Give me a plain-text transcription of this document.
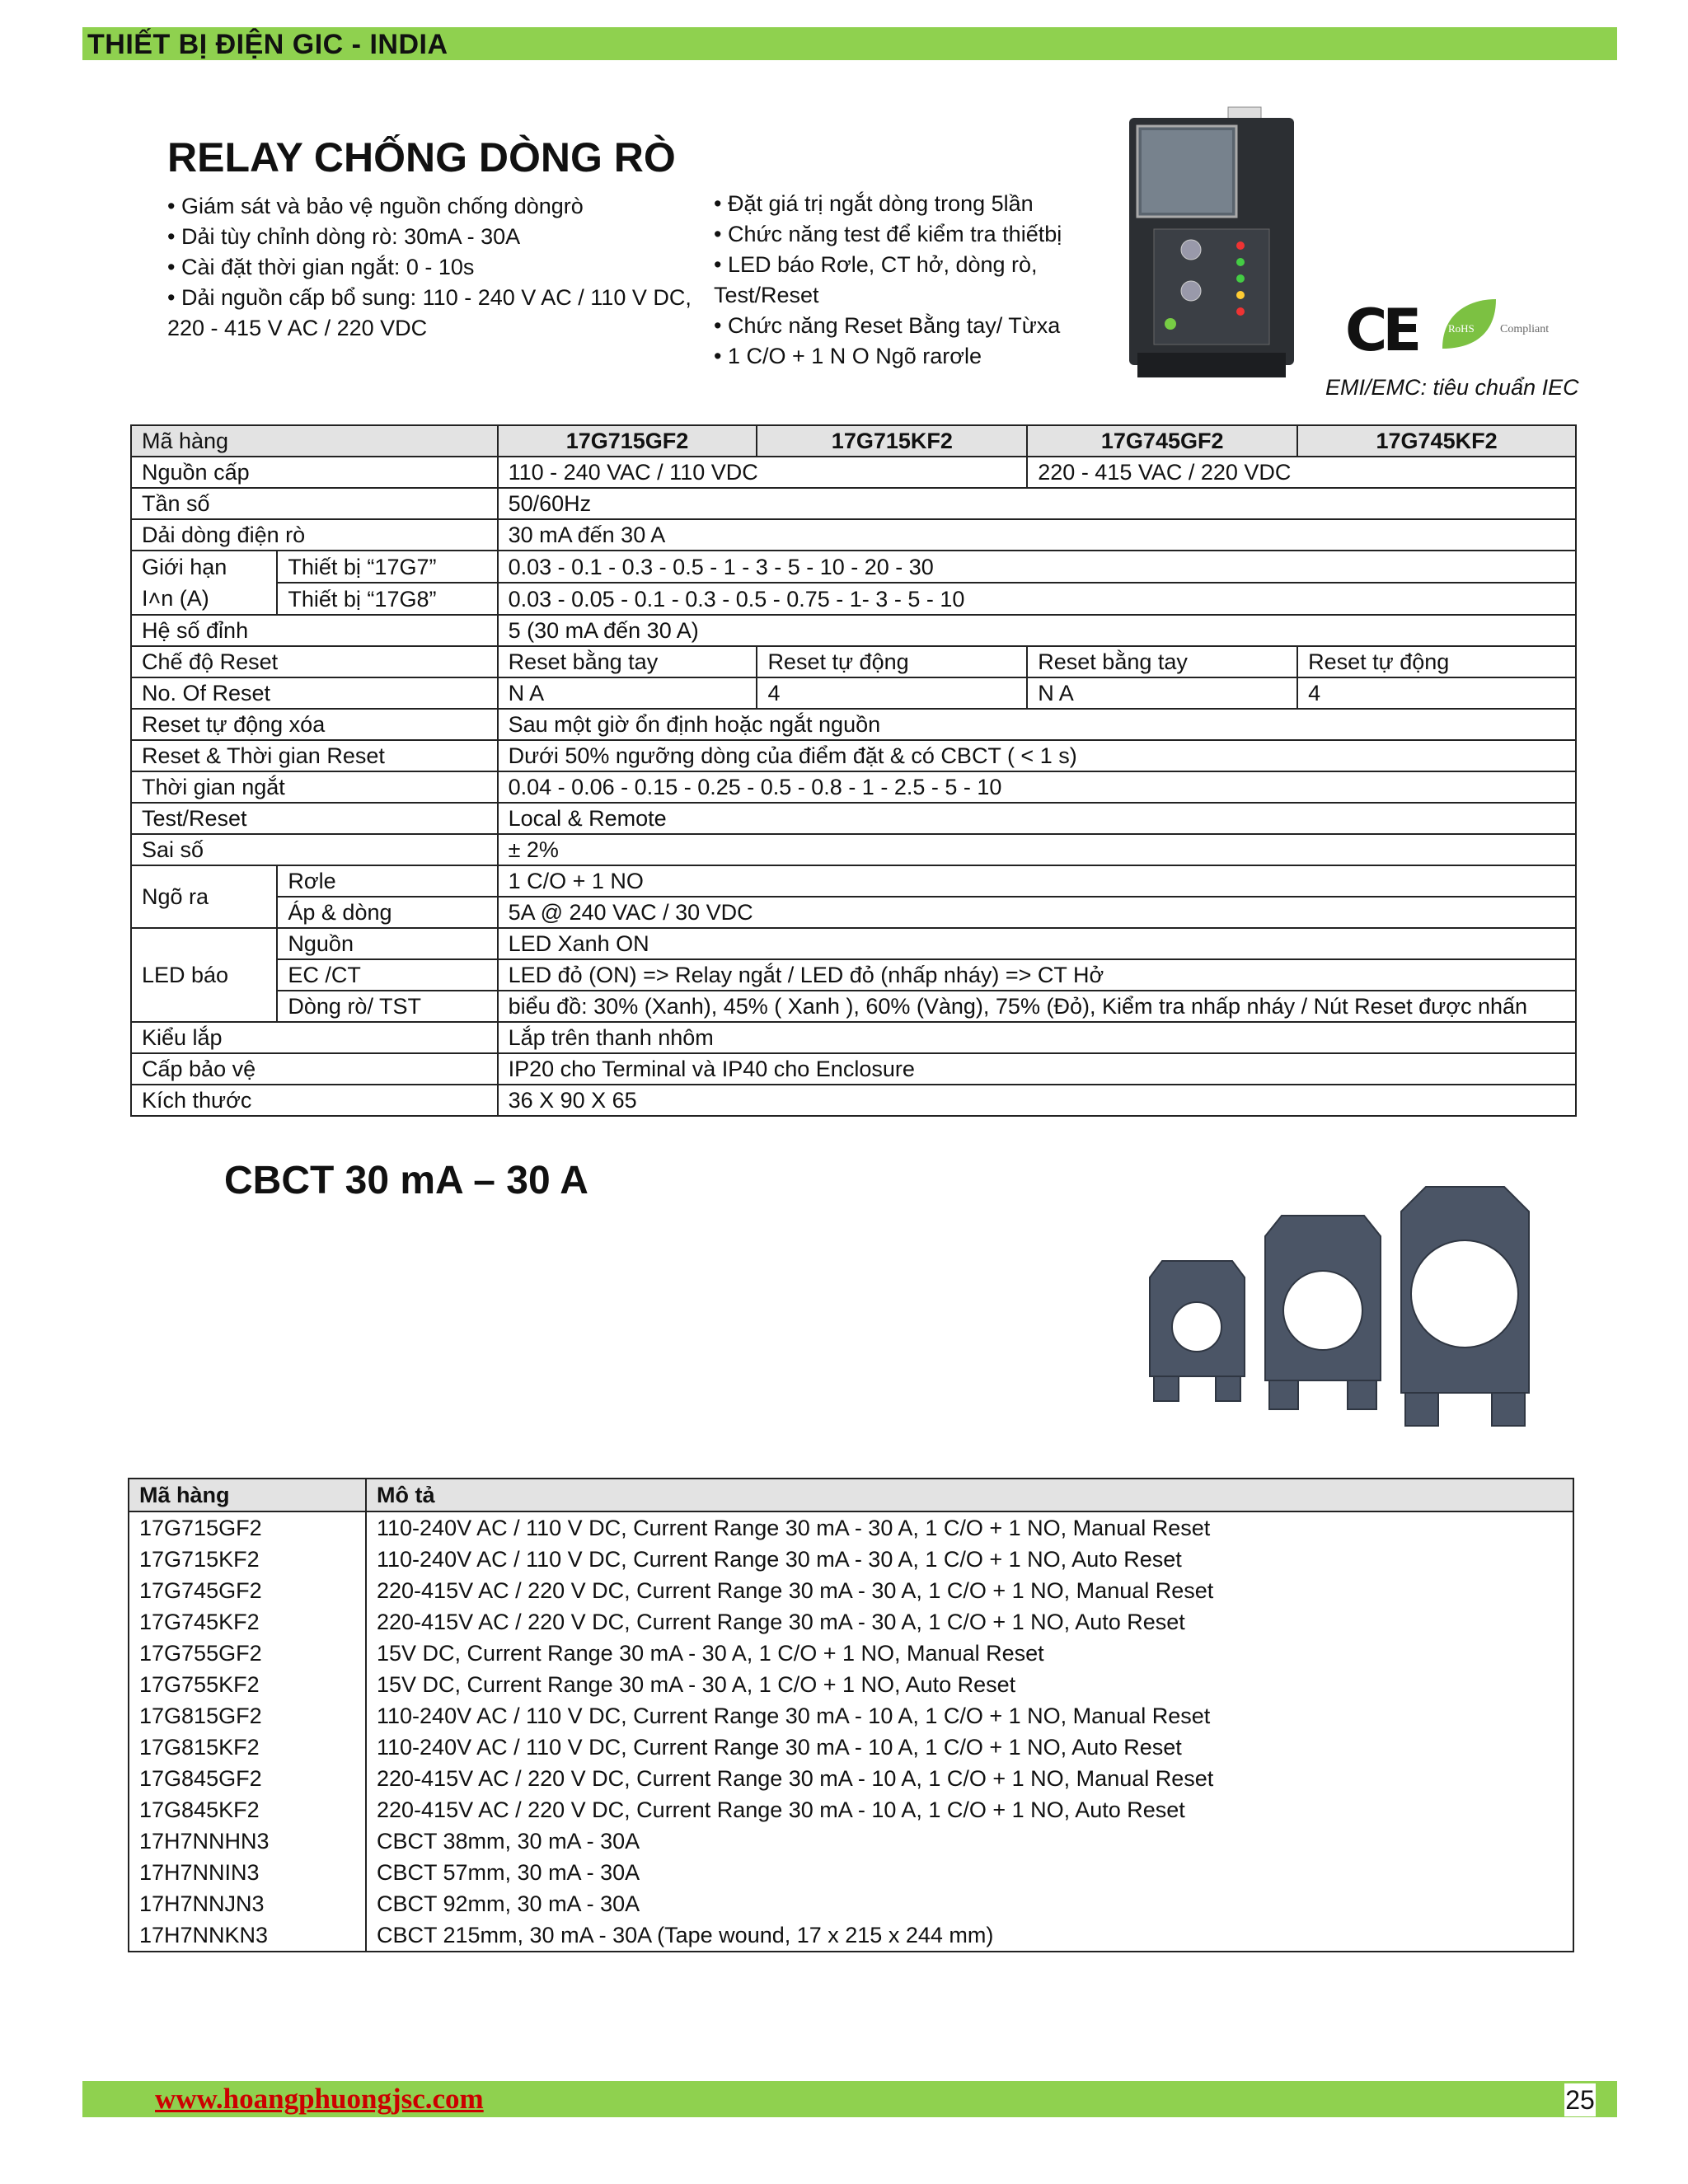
THIẾT BỊ ĐIỆN GIC - INDIA
RELAY CHỐNG DÒNG RÒ
• Giám sát và bảo vệ nguồn chống dòngrò
• Dải tùy chỉnh dòng rò: 30mA - 30A
• Cài đặt thời gian ngắt: 0 - 10s
• Dải nguồn cấp bổ sung: 110 - 240 V AC / 110 V DC, 220 - 415 V AC / 220 VDC
• Đặt giá trị ngắt dòng trong 5lần
• Chức năng test để kiểm tra thiếtbị
• LED báo Rơle, CT hở, dòng rò, Test/Reset
• Chức năng Reset Bằng tay/ Từxa
• 1 C/O + 1 N O Ngõ rarơle	CE	RoHS Compliant
EMI/EMC: tiêu chuẩn IEC
Mã hàng		17G715GF2	17G715KF2	17G745GF2	17G745KF2
Nguồn cấp		110 - 240 VAC / 110 VDC		220 - 415 VAC / 220 VDC	
Tần số		50/60Hz			
Dải dòng điện rò		30 mA đến 30 A			
Giới hạn
I˄n (A)	Thiết bị “17G7”	0.03 - 0.1 - 0.3 - 0.5 - 1 - 3 - 5 - 10 - 20 - 30			
	Thiết bị “17G8”	0.03 - 0.05 - 0.1 - 0.3 - 0.5 - 0.75 - 1- 3 - 5 - 10			
Hệ số đỉnh		5 (30 mA đến 30 A)			
Chế độ Reset		Reset bằng tay	Reset tự động	Reset bằng tay	Reset tự động
No. Of Reset		N A	4	N A	4
Reset tự động xóa		Sau một giờ ổn định hoặc ngắt nguồn			
Reset & Thời gian Reset		Dưới 50% ngưỡng dòng của điểm đặt & có CBCT ( < 1 s)			
Thời gian ngắt		0.04 - 0.06 - 0.15 - 0.25 - 0.5 - 0.8 - 1 - 2.5 - 5 - 10			
Test/Reset		Local & Remote			
Sai số		± 2%			
Ngõ ra	Rơle	1 C/O + 1 NO			
	Áp & dòng	5A @ 240 VAC / 30 VDC			
LED báo	Nguồn	LED Xanh ON			
	EC /CT	LED đỏ (ON) => Relay ngắt / LED đỏ (nhấp nháy) => CT Hở			
	Dòng rò/ TST	biểu đồ: 30% (Xanh), 45% ( Xanh ), 60% (Vàng), 75% (Đỏ), Kiểm tra nhấp nháy / Nút Reset được nhấn			
Kiểu lắp		Lắp trên thanh nhôm			
Cấp bảo vệ		IP20 cho Terminal và IP40 cho Enclosure			
Kích thước		36 X 90 X 65			
CBCT 30 mA – 30 A
Mã hàng	Mô tả
17G715GF2	110-240V AC / 110 V DC, Current Range 30 mA - 30 A, 1 C/O + 1 NO, Manual Reset
17G715KF2	110-240V AC / 110 V DC, Current Range 30 mA - 30 A, 1 C/O + 1 NO, Auto Reset
17G745GF2	220-415V AC / 220 V DC, Current Range 30 mA - 30 A, 1 C/O + 1 NO, Manual Reset
17G745KF2	220-415V AC / 220 V DC, Current Range 30 mA - 30 A, 1 C/O + 1 NO, Auto Reset
17G755GF2	15V DC, Current Range 30 mA - 30 A, 1 C/O + 1 NO, Manual Reset
17G755KF2	15V DC, Current Range 30 mA - 30 A, 1 C/O + 1 NO, Auto Reset
17G815GF2	110-240V AC / 110 V DC, Current Range 30 mA - 10 A, 1 C/O + 1 NO, Manual Reset
17G815KF2	110-240V AC / 110 V DC, Current Range 30 mA - 10 A, 1 C/O + 1 NO, Auto Reset
17G845GF2	220-415V AC / 220 V DC, Current Range 30 mA - 10 A, 1 C/O + 1 NO, Manual Reset
17G845KF2	220-415V AC / 220 V DC, Current Range 30 mA - 10 A, 1 C/O + 1 NO, Auto Reset
17H7NNHN3	CBCT 38mm, 30 mA - 30A
17H7NNIN3	CBCT 57mm, 30 mA - 30A
17H7NNJN3	CBCT 92mm, 30 mA - 30A
17H7NNKN3	CBCT 215mm, 30 mA - 30A (Tape wound, 17 x 215 x 244 mm)
www.hoangphuongjsc.com	25
